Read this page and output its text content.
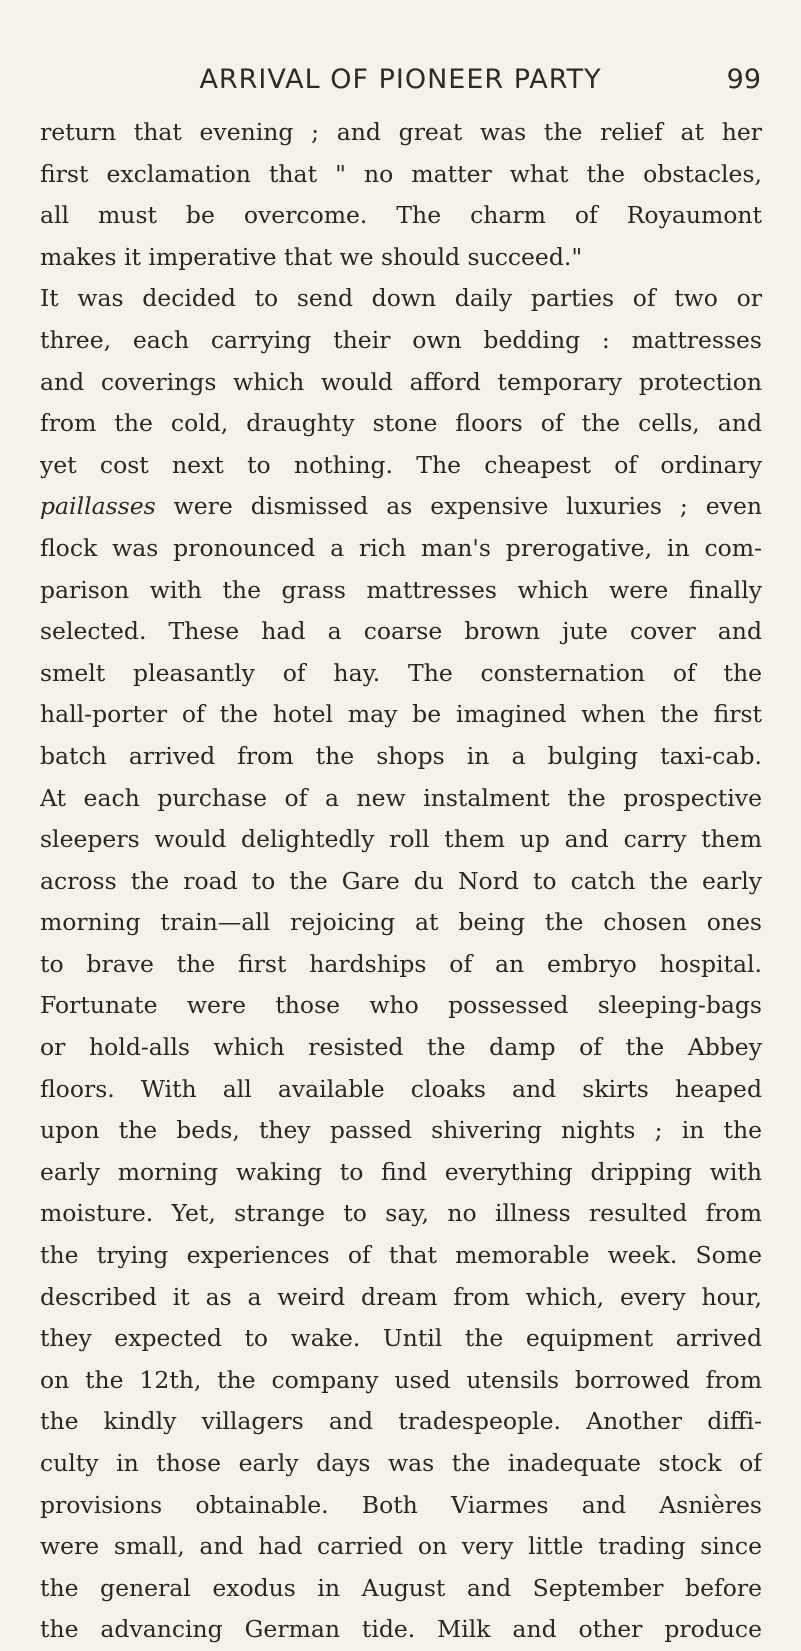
ARRIVAL OF PIONEER PARTY	99
return that evening ; and great was the relief at her
first exclamation that " no matter what the obstacles,
all must be overcome. The charm of Royaumont
makes it imperative that we should succeed."
It was decided to send down daily parties of two or
three, each carrying their own bedding : mattresses
and coverings which would afford temporary protection
from the cold, draughty stone floors of the cells, and
yet cost next to nothing. The cheapest of ordinary
paillasses were dismissed as expensive luxuries ; even
flock was pronounced a rich man's prerogative, in com-
parison with the grass mattresses which were finally
selected. These had a coarse brown jute cover and
smelt pleasantly of hay. The consternation of the
hall-porter of the hotel may be imagined when the first
batch arrived from the shops in a bulging taxi-cab.
At each purchase of a new instalment the prospective
sleepers would delightedly roll them up and carry them
across the road to the Gare du Nord to catch the early
morning train—all rejoicing at being the chosen ones
to brave the first hardships of an embryo hospital.
Fortunate were those who possessed sleeping-bags
or hold-alls which resisted the damp of the Abbey
floors. With all available cloaks and skirts heaped
upon the beds, they passed shivering nights ; in the
early morning waking to find everything dripping with
moisture. Yet, strange to say, no illness resulted from
the trying experiences of that memorable week. Some
described it as a weird dream from which, every hour,
they expected to wake. Until the equipment arrived
on the 12th, the company used utensils borrowed from
the kindly villagers and tradespeople. Another diffi-
culty in those early days was the inadequate stock of
provisions obtainable. Both Viarmes and Asnières
were small, and had carried on very little trading since
the general exodus in August and September before
the advancing German tide. Milk and other produce
